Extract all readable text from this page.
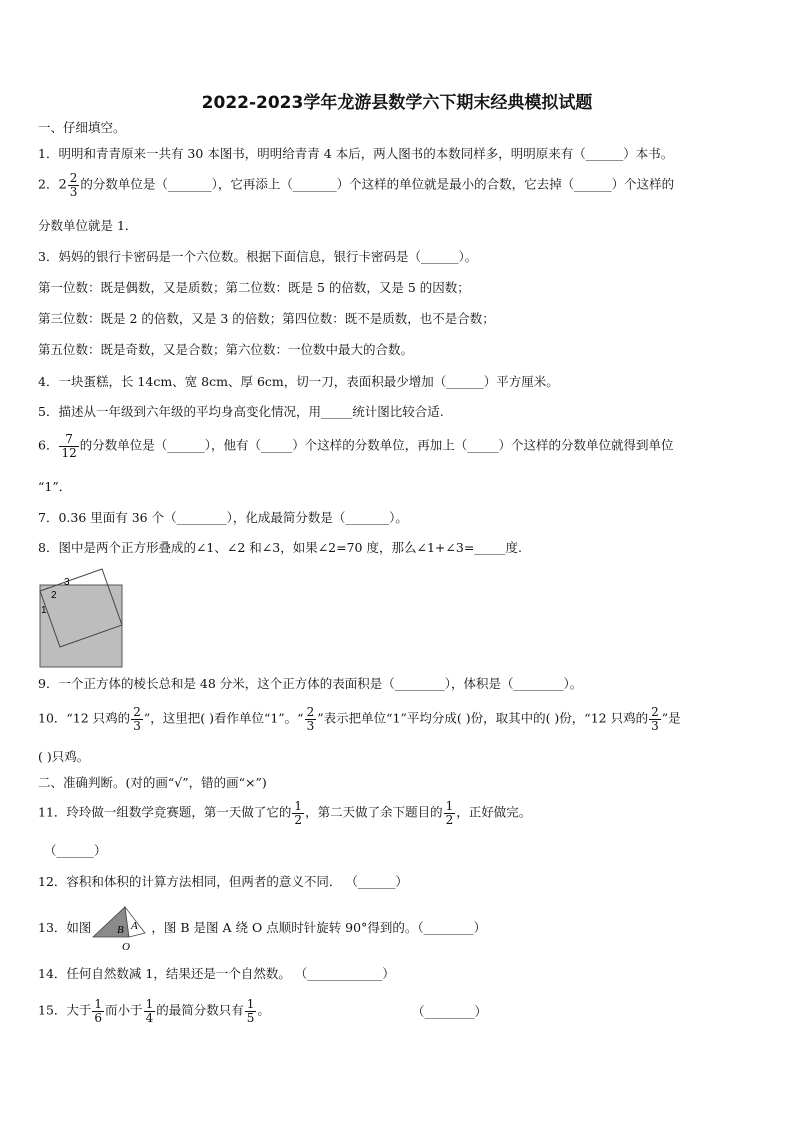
2022-2023学年龙游县数学六下期末经典模拟试题
一、仔细填空。
1．明明和青青原来一共有 30 本图书，明明给青青 4 本后，两人图书的本数同样多，明明原来有（______）本书。
2．$2 \frac{2}{3}$ 的分数单位是（_______），它再添上（_______）个这样的单位就是最小的合数，它去掉（______）个这样的
分数单位就是 1．
3．妈妈的银行卡密码是一个六位数。根据下面信息，银行卡密码是（______）。
第一位数：既是偶数，又是质数；第二位数：既是 5 的倍数，又是 5 的因数；
第三位数：既是 2 的倍数，又是 3 的倍数；第四位数：既不是质数，也不是合数；
第五位数：既是奇数，又是合数；第六位数：一位数中最大的合数。
4．一块蛋糕，长 14cm、宽 8cm、厚 6cm，切一刀，表面积最少增加（______）平方厘米。
5．描述从一年级到六年级的平均身高变化情况，用_____统计图比较合适.
6． $\frac{7}{12}$ 的分数单位是（______），他有（_____）个这样的分数单位，再加上（_____）个这样的分数单位就得到单位
“1”．
7．0.36 里面有 36 个（________），化成最简分数是（_______）。
8．图中是两个正方形叠成的∠1、∠2 和∠3，如果∠2=70 度，那么∠1+∠3=_____度.
1
2
3
9．一个正方体的棱长总和是 48 分米，这个正方体的表面积是（________），体积是（________）。
10．“12 只鸡的 $\frac{2}{3}$ ”，这里把( )看作单位“1”。“ $\frac{2}{3}$ ”表示把单位“1”平均分成( )份，取其中的( )份，“12 只鸡的 $\frac{2}{3}$ ”是
( )只鸡。
二、准确判断。(对的画“√”，错的画“×”)
11．玲玲做一组数学竞赛题，第一天做了它的 $\frac{1}{2}$ ，第二天做了余下题目的 $\frac{1}{2}$ ，正好做完。
（______）
12．容积和体积的计算方法相同，但两者的意义不同． （______）
13．如图 B A
O
，图 B 是图 A 绕 O 点顺时针旋转 90°得到的。（________）
14．任何自然数减 1，结果还是一个自然数。 （____________）
15．大于 $\frac{1}{6}$ 而小于 $\frac{1}{4}$ 的最简分数只有 $\frac{1}{5}$ 。	（________）
